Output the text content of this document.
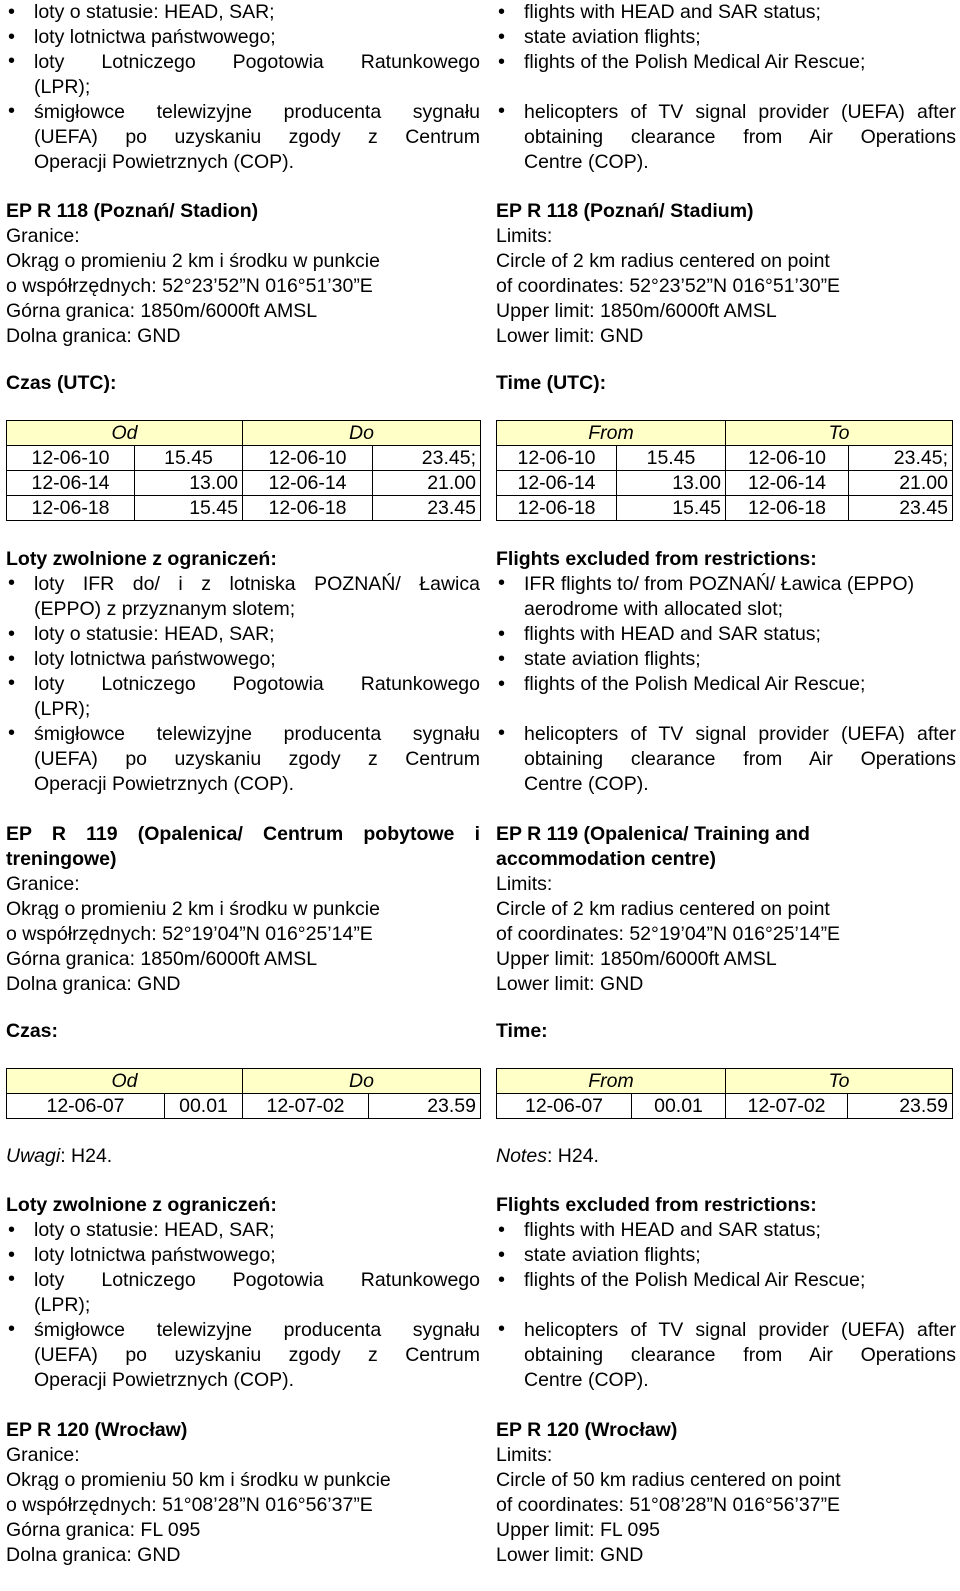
• loty o statusie: HEAD, SAR;
• loty lotnictwa państwowego;
• loty Lotniczego Pogotowia Ratunkowego
(LPR);
• śmigłowce telewizyjne producenta sygnału
(UEFA) po uzyskaniu zgody z Centrum
Operacji Powietrznych (COP).
EP R 118 (Poznań/ Stadion)
Granice:
Okrąg o promieniu 2 km i środku w punkcie
o współrzędnych: 52°23’52”N 016°51’30”E
Górna granica: 1850m/6000ft AMSL
Dolna granica: GND
Czas (UTC):
Od	Do
12-06-10	15.45	12-06-10	23.45;
12-06-14	13.00	12-06-14	21.00
12-06-18	15.45	12-06-18	23.45
Loty zwolnione z ograniczeń:
• loty IFR do/ i z lotniska POZNAŃ/ Ławica
(EPPO) z przyznanym slotem;
• loty o statusie: HEAD, SAR;
• loty lotnictwa państwowego;
• loty Lotniczego Pogotowia Ratunkowego
(LPR);
• śmigłowce telewizyjne producenta sygnału
(UEFA) po uzyskaniu zgody z Centrum
Operacji Powietrznych (COP).
EP R 119 (Opalenica/ Centrum pobytowe i
treningowe)
Granice:
Okrąg o promieniu 2 km i środku w punkcie
o współrzędnych: 52°19’04”N 016°25’14”E
Górna granica: 1850m/6000ft AMSL
Dolna granica: GND
Czas:
Od	Do
12-06-07	00.01	12-07-02	23.59
Uwagi: H24.
Loty zwolnione z ograniczeń:
• loty o statusie: HEAD, SAR;
• loty lotnictwa państwowego;
• loty Lotniczego Pogotowia Ratunkowego
(LPR);
• śmigłowce telewizyjne producenta sygnału
(UEFA) po uzyskaniu zgody z Centrum
Operacji Powietrznych (COP).
EP R 120 (Wrocław)
Granice:
Okrąg o promieniu 50 km i środku w punkcie
o współrzędnych: 51°08’28”N 016°56’37”E
Górna granica: FL 095
Dolna granica: GND
• flights with HEAD and SAR status;
• state aviation flights;
• flights of the Polish Medical Air Rescue;
• helicopters of TV signal provider (UEFA) after
obtaining clearance from Air Operations
Centre (COP).
EP R 118 (Poznań/ Stadium)
Limits:
Circle of 2 km radius centered on point
of coordinates: 52°23’52”N 016°51’30”E
Upper limit: 1850m/6000ft AMSL
Lower limit: GND
Time (UTC):
From	To
12-06-10	15.45	12-06-10	23.45;
12-06-14	13.00	12-06-14	21.00
12-06-18	15.45	12-06-18	23.45
Flights excluded from restrictions:
• IFR flights to/ from POZNAŃ/ Ławica (EPPO)
aerodrome with allocated slot;
• flights with HEAD and SAR status;
• state aviation flights;
• flights of the Polish Medical Air Rescue;
• helicopters of TV signal provider (UEFA) after
obtaining clearance from Air Operations
Centre (COP).
EP R 119 (Opalenica/ Training and
accommodation centre)
Limits:
Circle of 2 km radius centered on point
of coordinates: 52°19’04”N 016°25’14”E
Upper limit: 1850m/6000ft AMSL
Lower limit: GND
Time:
From	To
12-06-07	00.01	12-07-02	23.59
Notes: H24.
Flights excluded from restrictions:
• flights with HEAD and SAR status;
• state aviation flights;
• flights of the Polish Medical Air Rescue;
• helicopters of TV signal provider (UEFA) after
obtaining clearance from Air Operations
Centre (COP).
EP R 120 (Wrocław)
Limits:
Circle of 50 km radius centered on point
of coordinates: 51°08’28”N 016°56’37”E
Upper limit: FL 095
Lower limit: GND
